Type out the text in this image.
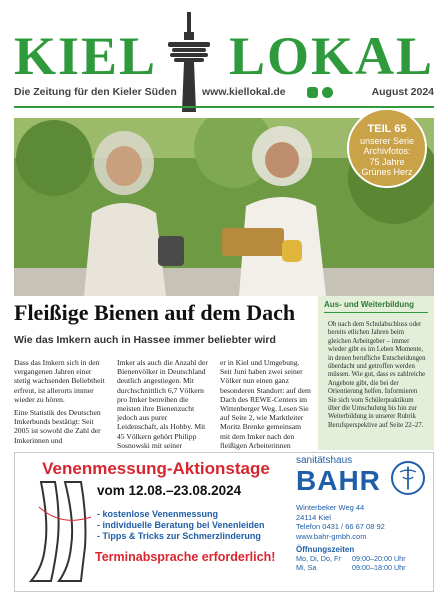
KIEL LOKAL
Die Zeitung für den Kieler Süden www.kiellokal.de	August 2024
TEIL 65
unserer Serie
Archivfotos:
75 Jahre
Grünes Herz
Fleißige Bienen auf dem Dach
Wie das Imkern auch in Hassee immer beliebter wird

Dass das Imkern sich in den vergangenen Jahren einer stetig wachsenden Beliebtheit erfreut, ist allerorts immer wieder zu hören.

Eine Statistik des Deutschen Imkerbunds bestätigt: Seit 2005 ist sowohl die Zahl der Imkerinnen und

Imker als auch die Anzahl der Bienenvölker in Deutschland deutlich angestiegen. Mit durchschnittlich 6,7 Völkern pro Imker betreiben die meisten ihre Bienenzucht jedoch aus purer Leidenschaft, als Hobby. Mit 45 Völkern gehört Philipp Sosnowski mit seiner

er in Kiel und Umgebung. Seit Juni haben zwei seiner Völker nun einen ganz besonderen Standort: auf dem Dach des REWE-Centers im Wittenberger Weg. Lesen Sie auf Seite 2, wie Marktleiter Moritz Brenke gemeinsam mit dem Imker nach den fleißigen Arbeiterinnen

Aus- und Weiterbildung

Ob nach dem Schulabschluss oder bereits etlichen Jahren beim gleichen Arbeitgeber – immer wieder gibt es im Leben Momente, in denen berufliche Entscheidungen überdacht und getroffen werden müssen. Wie gut, dass es zahlreiche Angebote gibt, die bei der Orientierung helfen. Informieren Sie sich vom Schülerpraktikum über die Umschulung bis hin zur Weiterbildung in unserer Rubrik Berufsperspektive auf Seite 22–27.

Venenmessung-Aktionstage
vom 12.08.–23.08.2024
- kostenlose Venenmessung
- individuelle Beratung bei Venenleiden
- Tipps & Tricks zur Schmerzlinderung
Terminabsprache erforderlich!
sanitätshaus
BAHR
Winterbeker Weg 44
24114 Kiel
Telefon 0431 / 66 67 08 92
www.bahr-gmbh.com
Öffnungszeiten
Mo, Di, Do, Fr 09:00–20:00 Uhr
Mi, Sa	09:00–18:00 Uhr
